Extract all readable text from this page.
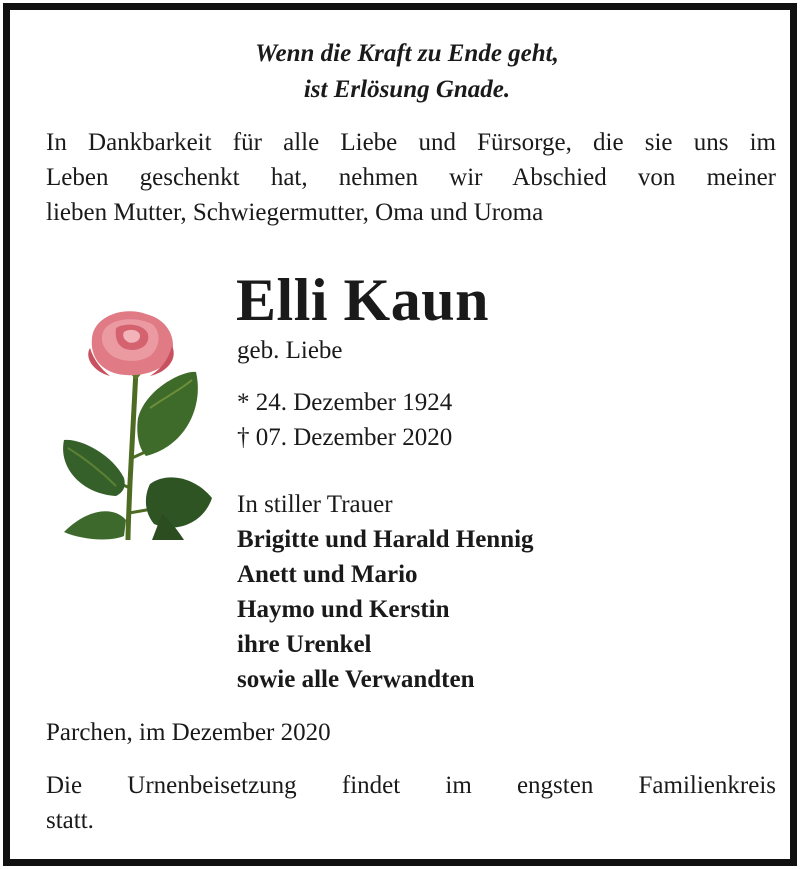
Wenn die Kraft zu Ende geht,

ist Erlösung Gnade.

In Dankbarkeit für alle Liebe und Fürsorge, die sie uns im

Leben geschenkt hat, nehmen wir Abschied von meiner

lieben Mutter, Schwiegermutter, Oma und Uroma

Elli Kaun

geb. Liebe

* 24. Dezember 1924

† 07. Dezember 2020

In stiller Trauer

Brigitte und Harald Hennig

Anett und Mario

Haymo und Kerstin

ihre Urenkel

sowie alle Verwandten

Parchen, im Dezember 2020

Die Urnenbeisetzung findet im engsten Familienkreis

statt.
